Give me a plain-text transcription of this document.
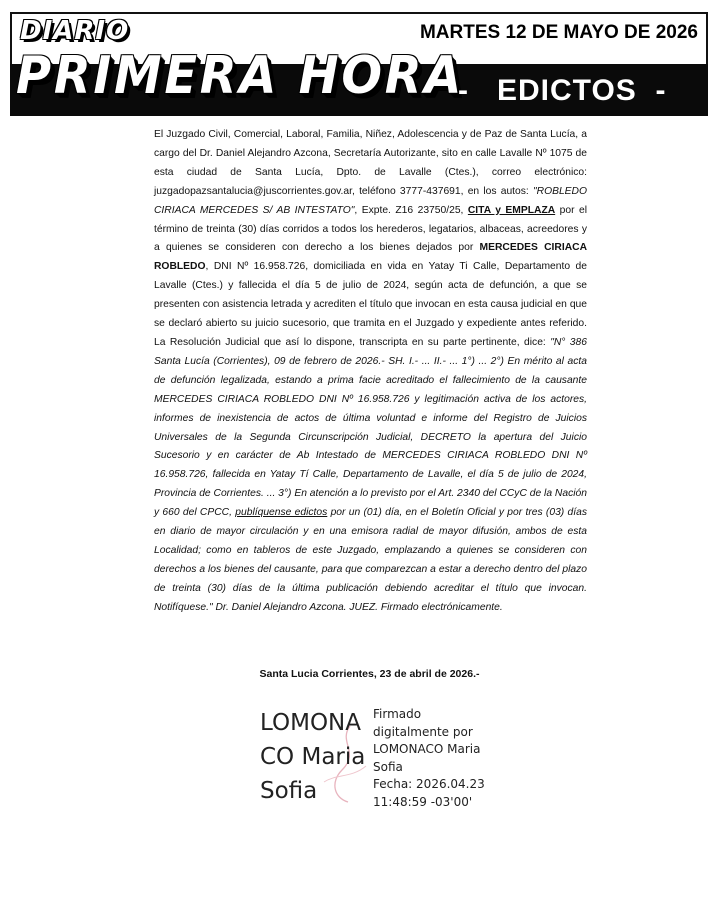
DIARIO
PRIMERA HORA
MARTES 12 DE MAYO DE 2026
-   EDICTOS  -

El Juzgado Civil, Comercial, Laboral, Familia, Niñez, Adolescencia y de Paz de Santa Lucía, a cargo del Dr. Daniel Alejandro Azcona, Secretaría Autorizante, sito en calle Lavalle Nº 1075 de esta ciudad de Santa Lucía, Dpto. de Lavalle (Ctes.), correo electrónico: juzgadopazsantalucia@juscorrientes.gov.ar, teléfono 3777-437691, en los autos: "ROBLEDO CIRIACA MERCEDES S/ AB INTESTATO", Expte. Z16 23750/25, CITA y EMPLAZA por el término de treinta (30) días corridos a todos los herederos, legatarios, albaceas, acreedores y a quienes se consideren con derecho a los bienes dejados por MERCEDES CIRIACA ROBLEDO, DNI Nº 16.958.726, domiciliada en vida en Yatay Ti Calle, Departamento de Lavalle (Ctes.) y fallecida el día 5 de julio de 2024, según acta de defunción, a que se presenten con asistencia letrada y acrediten el título que invocan en esta causa judicial en que se declaró abierto su juicio sucesorio, que tramita en el Juzgado y expediente antes referido. La Resolución Judicial que así lo dispone, transcripta en su parte pertinente, dice: "N° 386 Santa Lucía (Corrientes), 09 de febrero de 2026.- SH. I.- ... II.- ... 1°) ... 2°) En mérito al acta de defunción legalizada, estando a prima facie acreditado el fallecimiento de la causante MERCEDES CIRIACA ROBLEDO DNI Nº 16.958.726 y legitimación activa de los actores, informes de inexistencia de actos de última voluntad e informe del Registro de Juicios Universales de la Segunda Circunscripción Judicial, DECRETO la apertura del Juicio Sucesorio y en carácter de Ab Intestado de MERCEDES CIRIACA ROBLEDO DNI Nº 16.958.726, fallecida en Yatay Tí Calle, Departamento de Lavalle, el día 5 de julio de 2024, Provincia de Corrientes. ... 3°) En atención a lo previsto por el Art. 2340 del CCyC de la Nación y 660 del CPCC, publíquense edictos por un (01) día, en el Boletín Oficial y por tres (03) días en diario de mayor circulación y en una emisora radial de mayor difusión, ambos de esta Localidad; como en tableros de este Juzgado, emplazando a quienes se consideren con derechos a los bienes del causante, para que comparezcan a estar a derecho dentro del plazo de treinta (30) días de la última publicación debiendo acreditar el título que invocan. Notifíquese." Dr. Daniel Alejandro Azcona. JUEZ. Firmado electrónicamente.

Santa Lucia Corrientes, 23 de abril de 2026.-
LOMONA
CO Maria
Sofia
Firmado
digitalmente por
LOMONACO Maria
Sofia
Fecha: 2026.04.23
11:48:59 -03'00'
